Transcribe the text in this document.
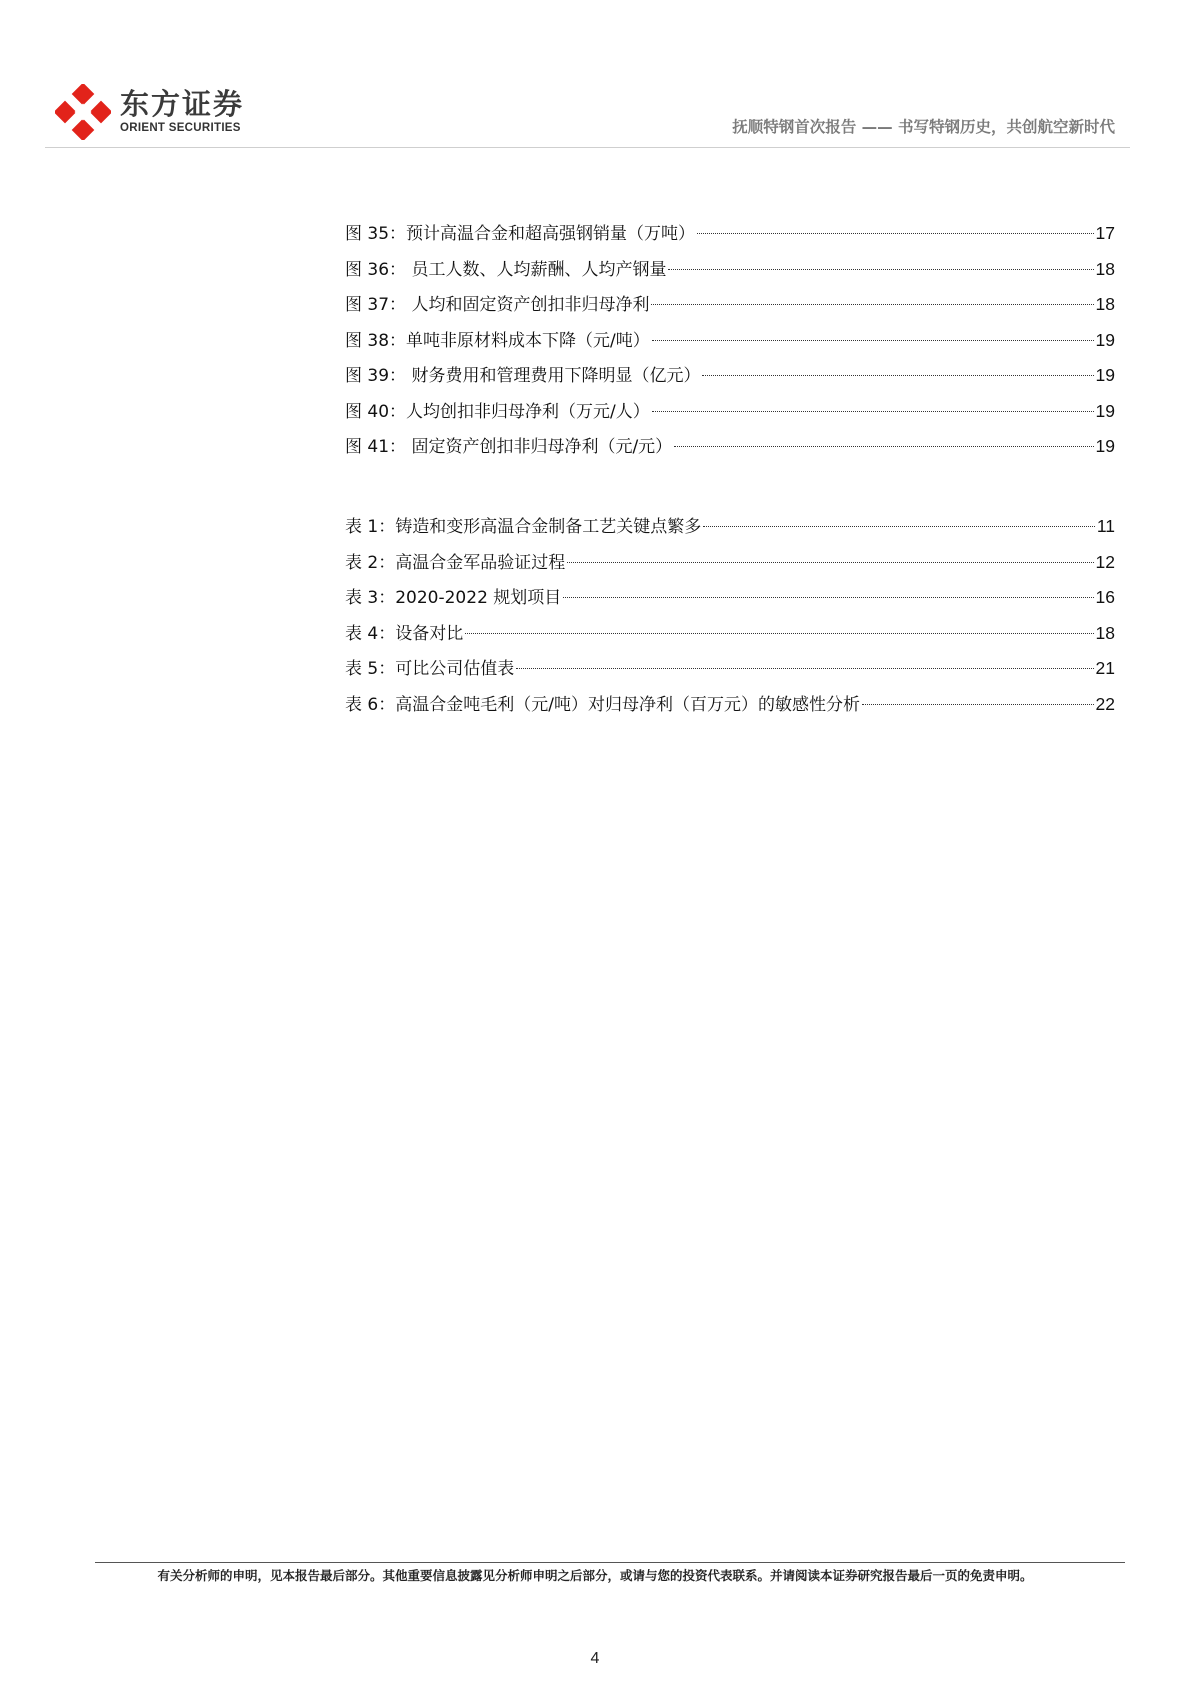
东方证券
ORIENT SECURITIES	抚顺特钢首次报告 —— 书写特钢历史，共创航空新时代
图 35：预计高温合金和超高强钢销量（万吨）	17
图 36： 员工人数、人均薪酬、人均产钢量	18
图 37： 人均和固定资产创扣非归母净利	18
图 38：单吨非原材料成本下降（元/吨）	19
图 39： 财务费用和管理费用下降明显（亿元）	19
图 40：人均创扣非归母净利（万元/人）	19
图 41： 固定资产创扣非归母净利（元/元）	19
表 1：铸造和变形高温合金制备工艺关键点繁多	11
表 2：高温合金军品验证过程	12
表 3：2020-2022 规划项目	16
表 4：设备对比	18
表 5：可比公司估值表	21
表 6：高温合金吨毛利（元/吨）对归母净利（百万元）的敏感性分析	22
有关分析师的申明，见本报告最后部分。其他重要信息披露见分析师申明之后部分，或请与您的投资代表联系。并请阅读本证券研究报告最后一页的免责申明。
4
